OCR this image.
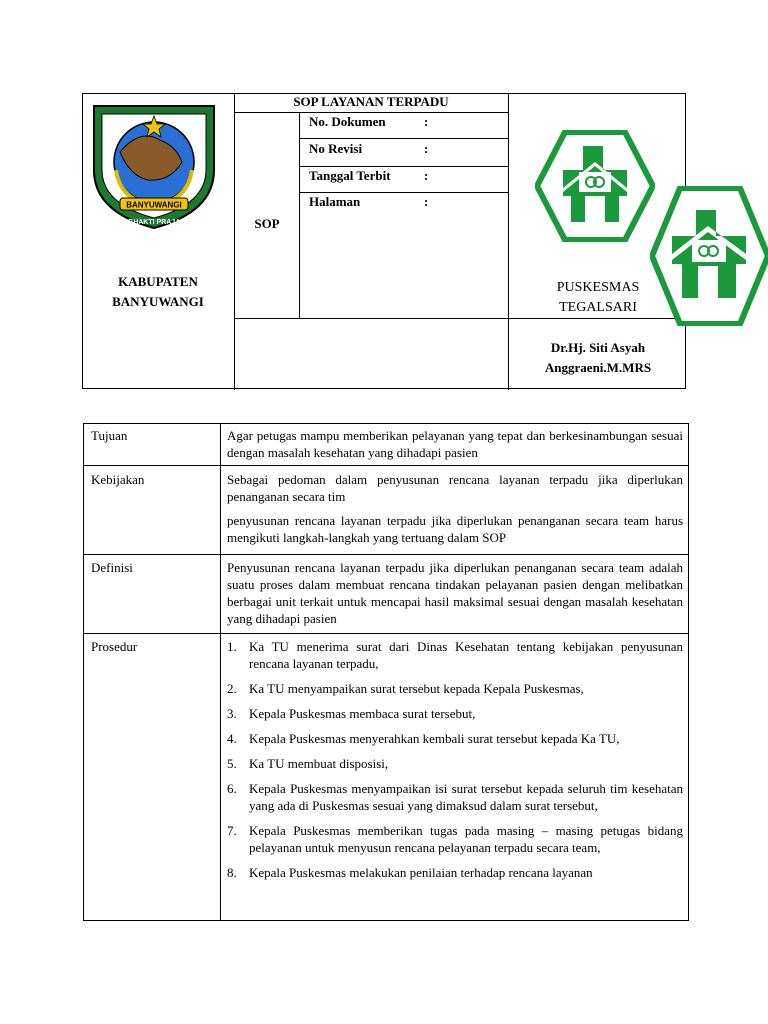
BANYUWANGI
SATYA BHAKTI PRAJA MUKTI
KABUPATEN
BANYUWANGI
SOP LAYANAN TERPADU
SOP
No. Dokumen	:
No Revisi	:
Tanggal Terbit	:
Halaman	:
PUSKESMAS
TEGALSARI
Dr.Hj. Siti Asyah
Anggraeni.M.MRS
Tujuan	Agar petugas mampu memberikan pelayanan yang tepat dan berkesinambungan sesuai dengan masalah kesehatan yang dihadapi pasien
Kebijakan	Sebagai pedoman dalam penyusunan rencana layanan terpadu jika diperlukan penanganan secara tim

penyusunan rencana layanan terpadu jika diperlukan penanganan secara team harus mengikuti langkah-langkah yang tertuang dalam SOP

Definisi	Penyusunan rencana layanan terpadu jika diperlukan penanganan secara team adalah suatu proses dalam membuat rencana tindakan pelayanan pasien dengan melibatkan berbagai unit terkait untuk mencapai hasil maksimal sesuai dengan masalah kesehatan yang dihadapi pasien
Prosedur	1. Ka TU menerima surat dari Dinas Kesehatan tentang kebijakan penyusunan rencana layanan terpadu,
2. Ka TU menyampaikan surat tersebut kepada Kepala Puskesmas,
3. Kepala Puskesmas membaca surat tersebut,
4. Kepala Puskesmas menyerahkan kembali surat tersebut kepada Ka TU,
5. Ka TU membuat disposisi,
6. Kepala Puskesmas menyampaikan isi surat tersebut kepada seluruh tim kesehatan yang ada di Puskesmas sesuai yang dimaksud dalam surat tersebut,
7. Kepala Puskesmas memberikan tugas pada masing – masing petugas bidang pelayanan untuk menyusun rencana pelayanan terpadu secara team,
8. Kepala Puskesmas melakukan penilaian terhadap rencana layanan
